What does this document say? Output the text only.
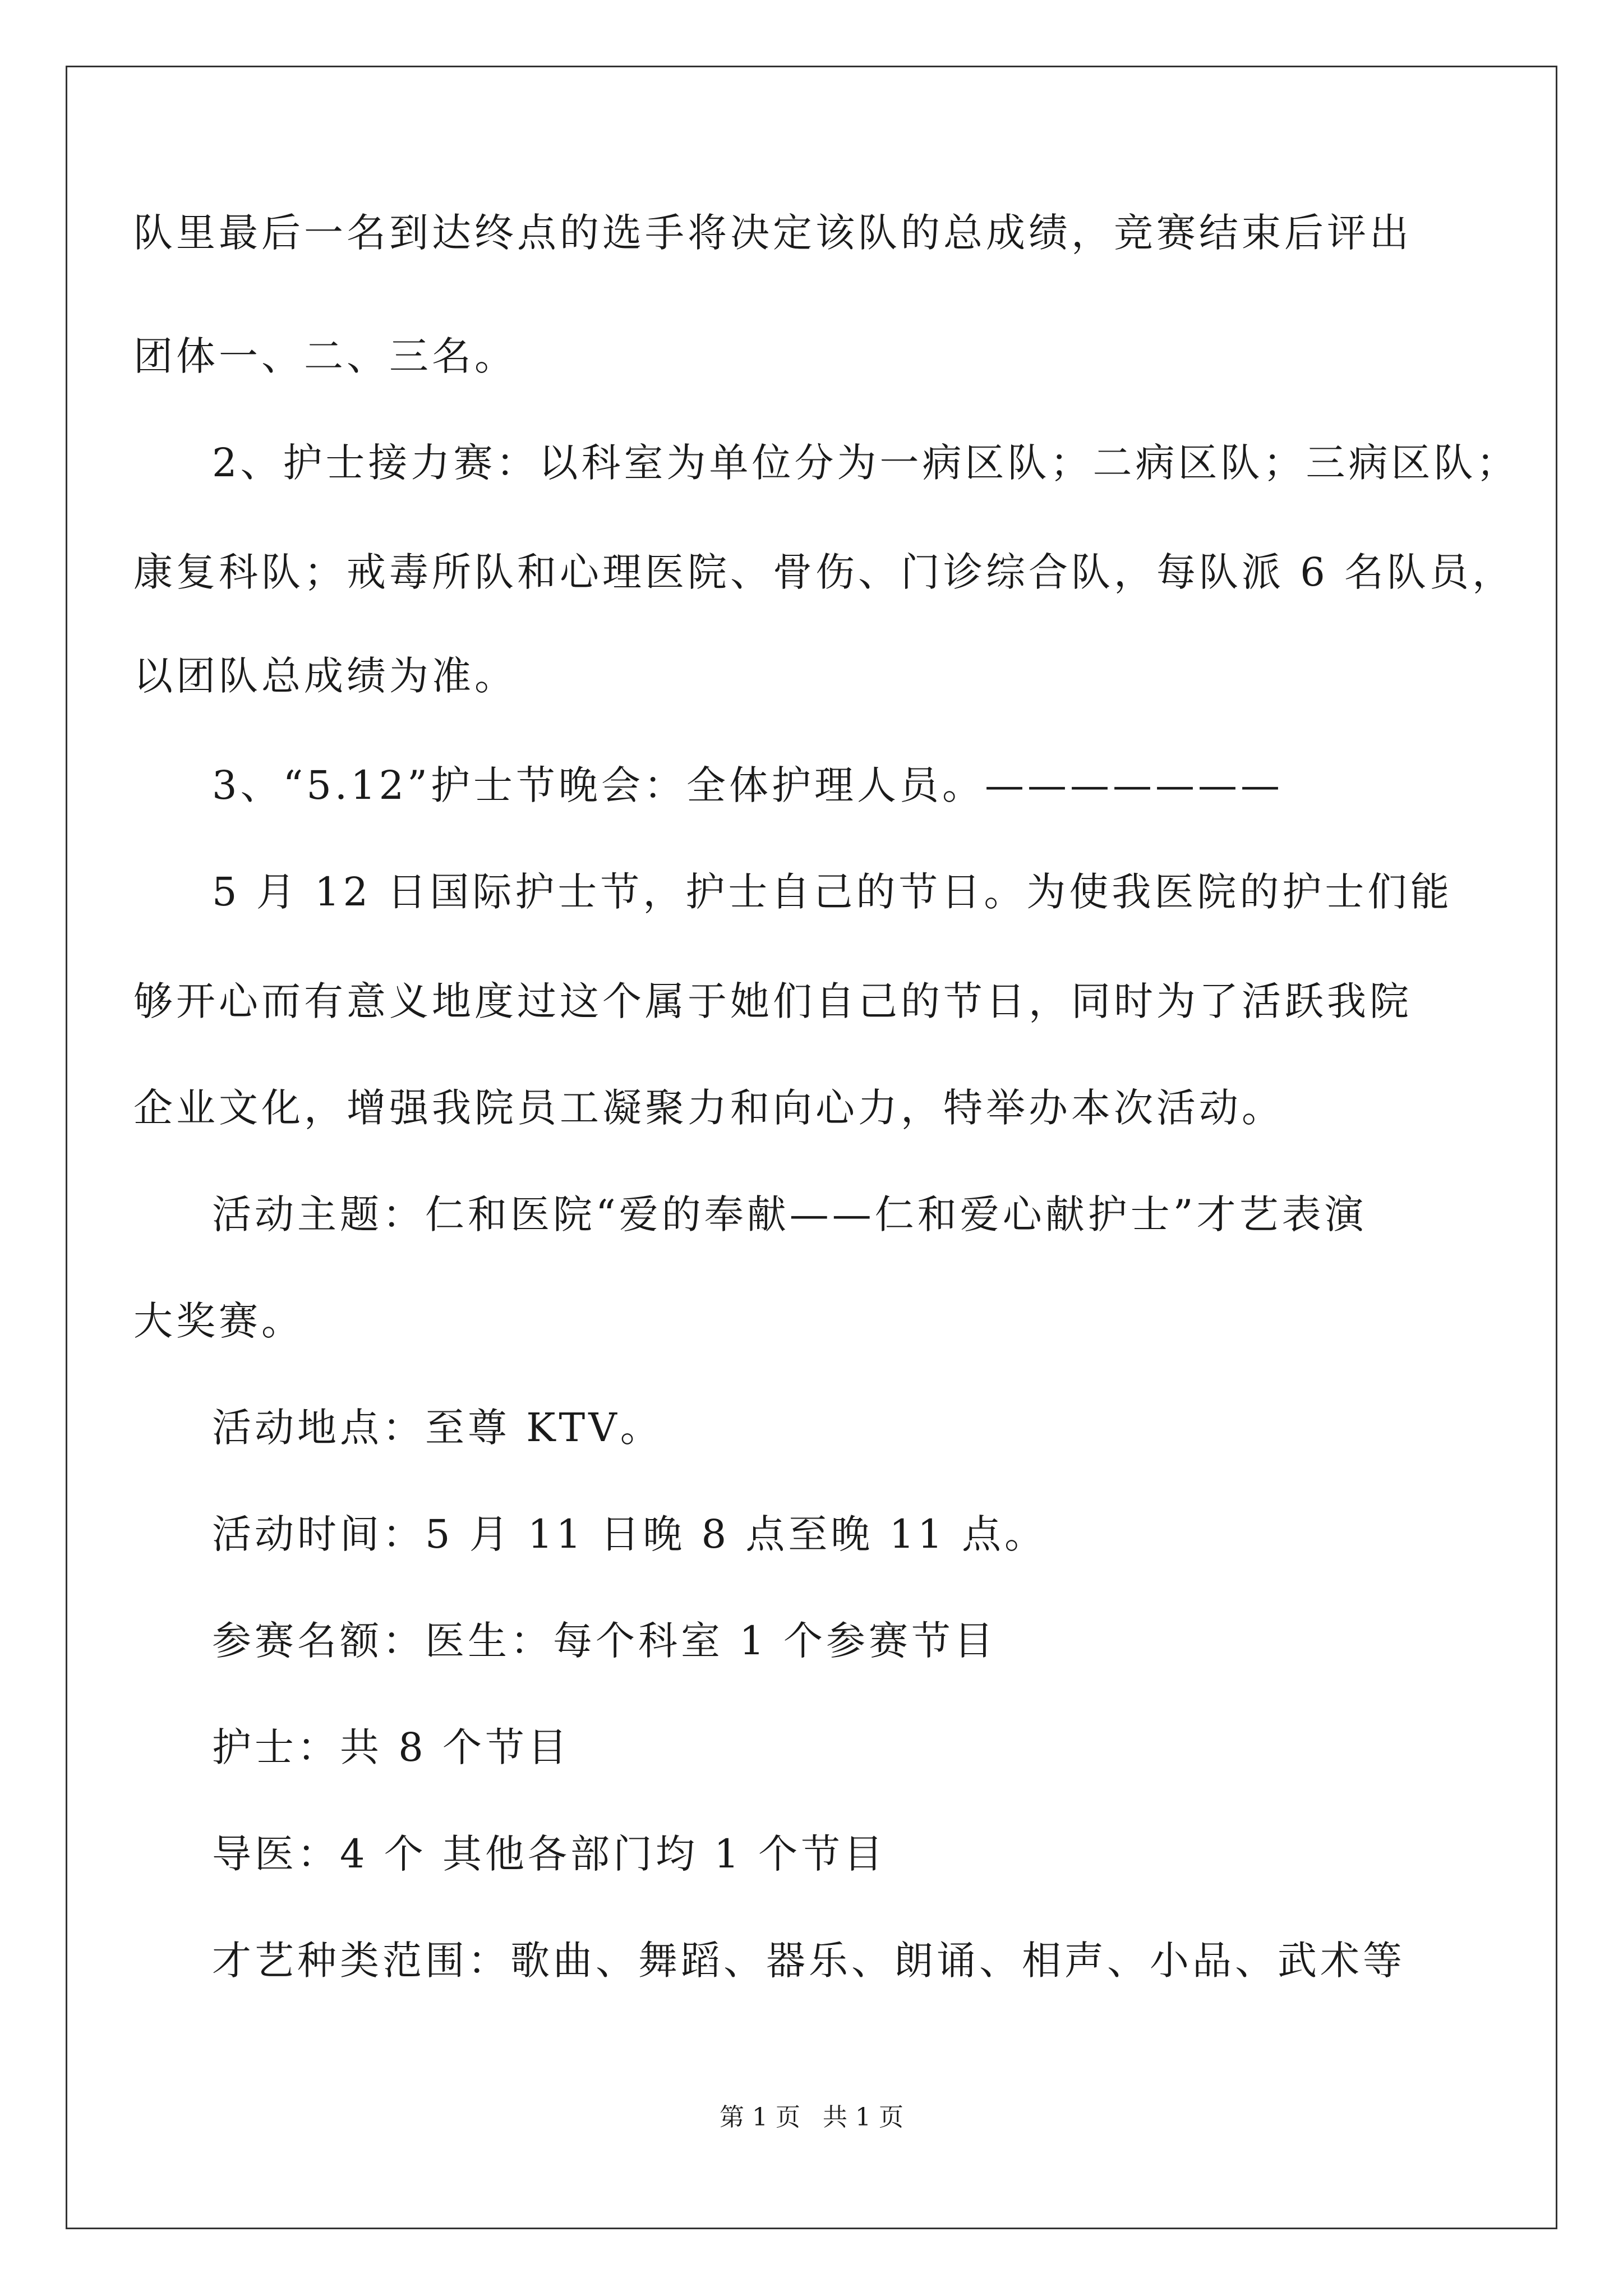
队里最后一名到达终点的选手将决定该队的总成绩，竞赛结束后评出
团体一、二、三名。
2、护士接力赛：以科室为单位分为一病区队；二病区队；三病区队；
康复科队；戒毒所队和心理医院、骨伤、门诊综合队，每队派 6 名队员，
以团队总成绩为准。
3、“5.12”护士节晚会：全体护理人员。———————
5 月 12 日国际护士节，护士自己的节日。为使我医院的护士们能
够开心而有意义地度过这个属于她们自己的节日，同时为了活跃我院
企业文化，增强我院员工凝聚力和向心力，特举办本次活动。
活动主题：仁和医院“爱的奉献——仁和爱心献护士”才艺表演
大奖赛。
活动地点：至尊 KTV。
活动时间：5 月 11 日晚 8 点至晚 11 点。
参赛名额：医生：每个科室 1 个参赛节目
护士：共 8 个节目
导医：4 个 其他各部门均 1 个节目
才艺种类范围：歌曲、舞蹈、器乐、朗诵、相声、小品、武术等
第 1 页 共 1 页
